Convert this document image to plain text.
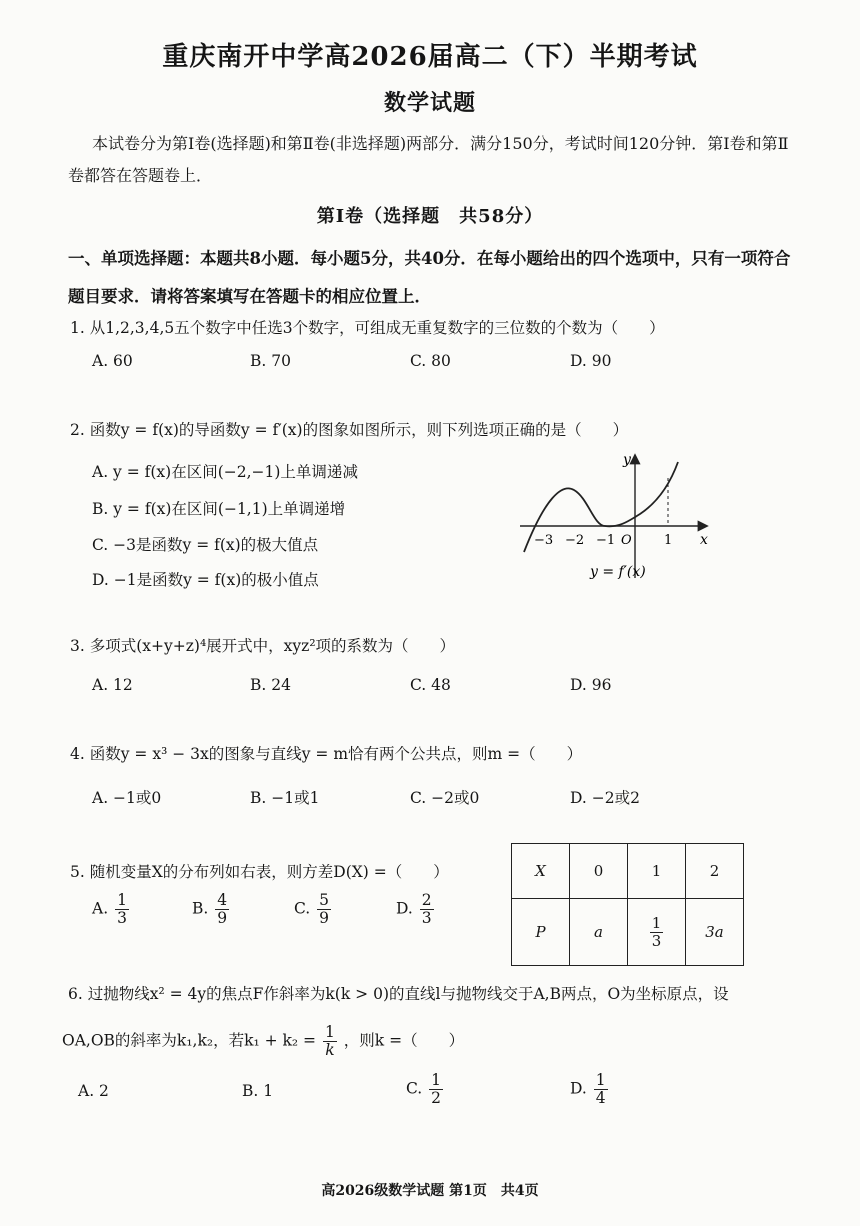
重庆南开中学高2026届高二（下）半期考试
数学试题
本试卷分为第Ⅰ卷(选择题)和第Ⅱ卷(非选择题)两部分．满分150分，考试时间120分钟．第Ⅰ卷和第Ⅱ卷都答在答题卷上．
第Ⅰ卷（选择题　共58分）
一、单项选择题：本题共8小题．每小题5分，共40分．在每小题给出的四个选项中，只有一项符合题目要求．请将答案填写在答题卡的相应位置上．
1. 从1,2,3,4,5五个数字中任选3个数字，可组成无重复数字的三位数的个数为（　　）
A. 60	B. 70	C. 80	D. 90
2. 函数y = f(x)的导函数y = f′(x)的图象如图所示，则下列选项正确的是（　　）
A. y = f(x)在区间(−2,−1)上单调递减
B. y = f(x)在区间(−1,1)上单调递增
C. −3是函数y = f(x)的极大值点
D. −1是函数y = f(x)的极小值点
x
y
O
−3 −2 −1	1
y = f′(x)
3. 多项式(x+y+z)⁴展开式中，xyz²项的系数为（　　）
A. 12	B. 24	C. 48	D. 96
4. 函数y = x³ − 3x的图象与直线y = m恰有两个公共点，则m =（　　）
A. −1或0	B. −1或1	C. −2或0	D. −2或2
5. 随机变量X的分布列如右表，则方差D(X) =（　　）
A. $\frac{1}{3}$	B. $\frac{4}{9}$	C. $\frac{5}{9}$	D. $\frac{2}{3}$
X	0	1	2
P	a	$\frac{1}{3}$	3a
6. 过抛物线x² = 4y的焦点F作斜率为k(k > 0)的直线l与抛物线交于A,B两点，O为坐标原点，设
OA,OB的斜率为k₁,k₂，若$k_1 + k_2 = \frac{1}{k}$ ，则k =（　　）
A. 2	B. 1	C. $\frac{1}{2}$	D. $\frac{1}{4}$
高2026级数学试题 第1页　共4页
